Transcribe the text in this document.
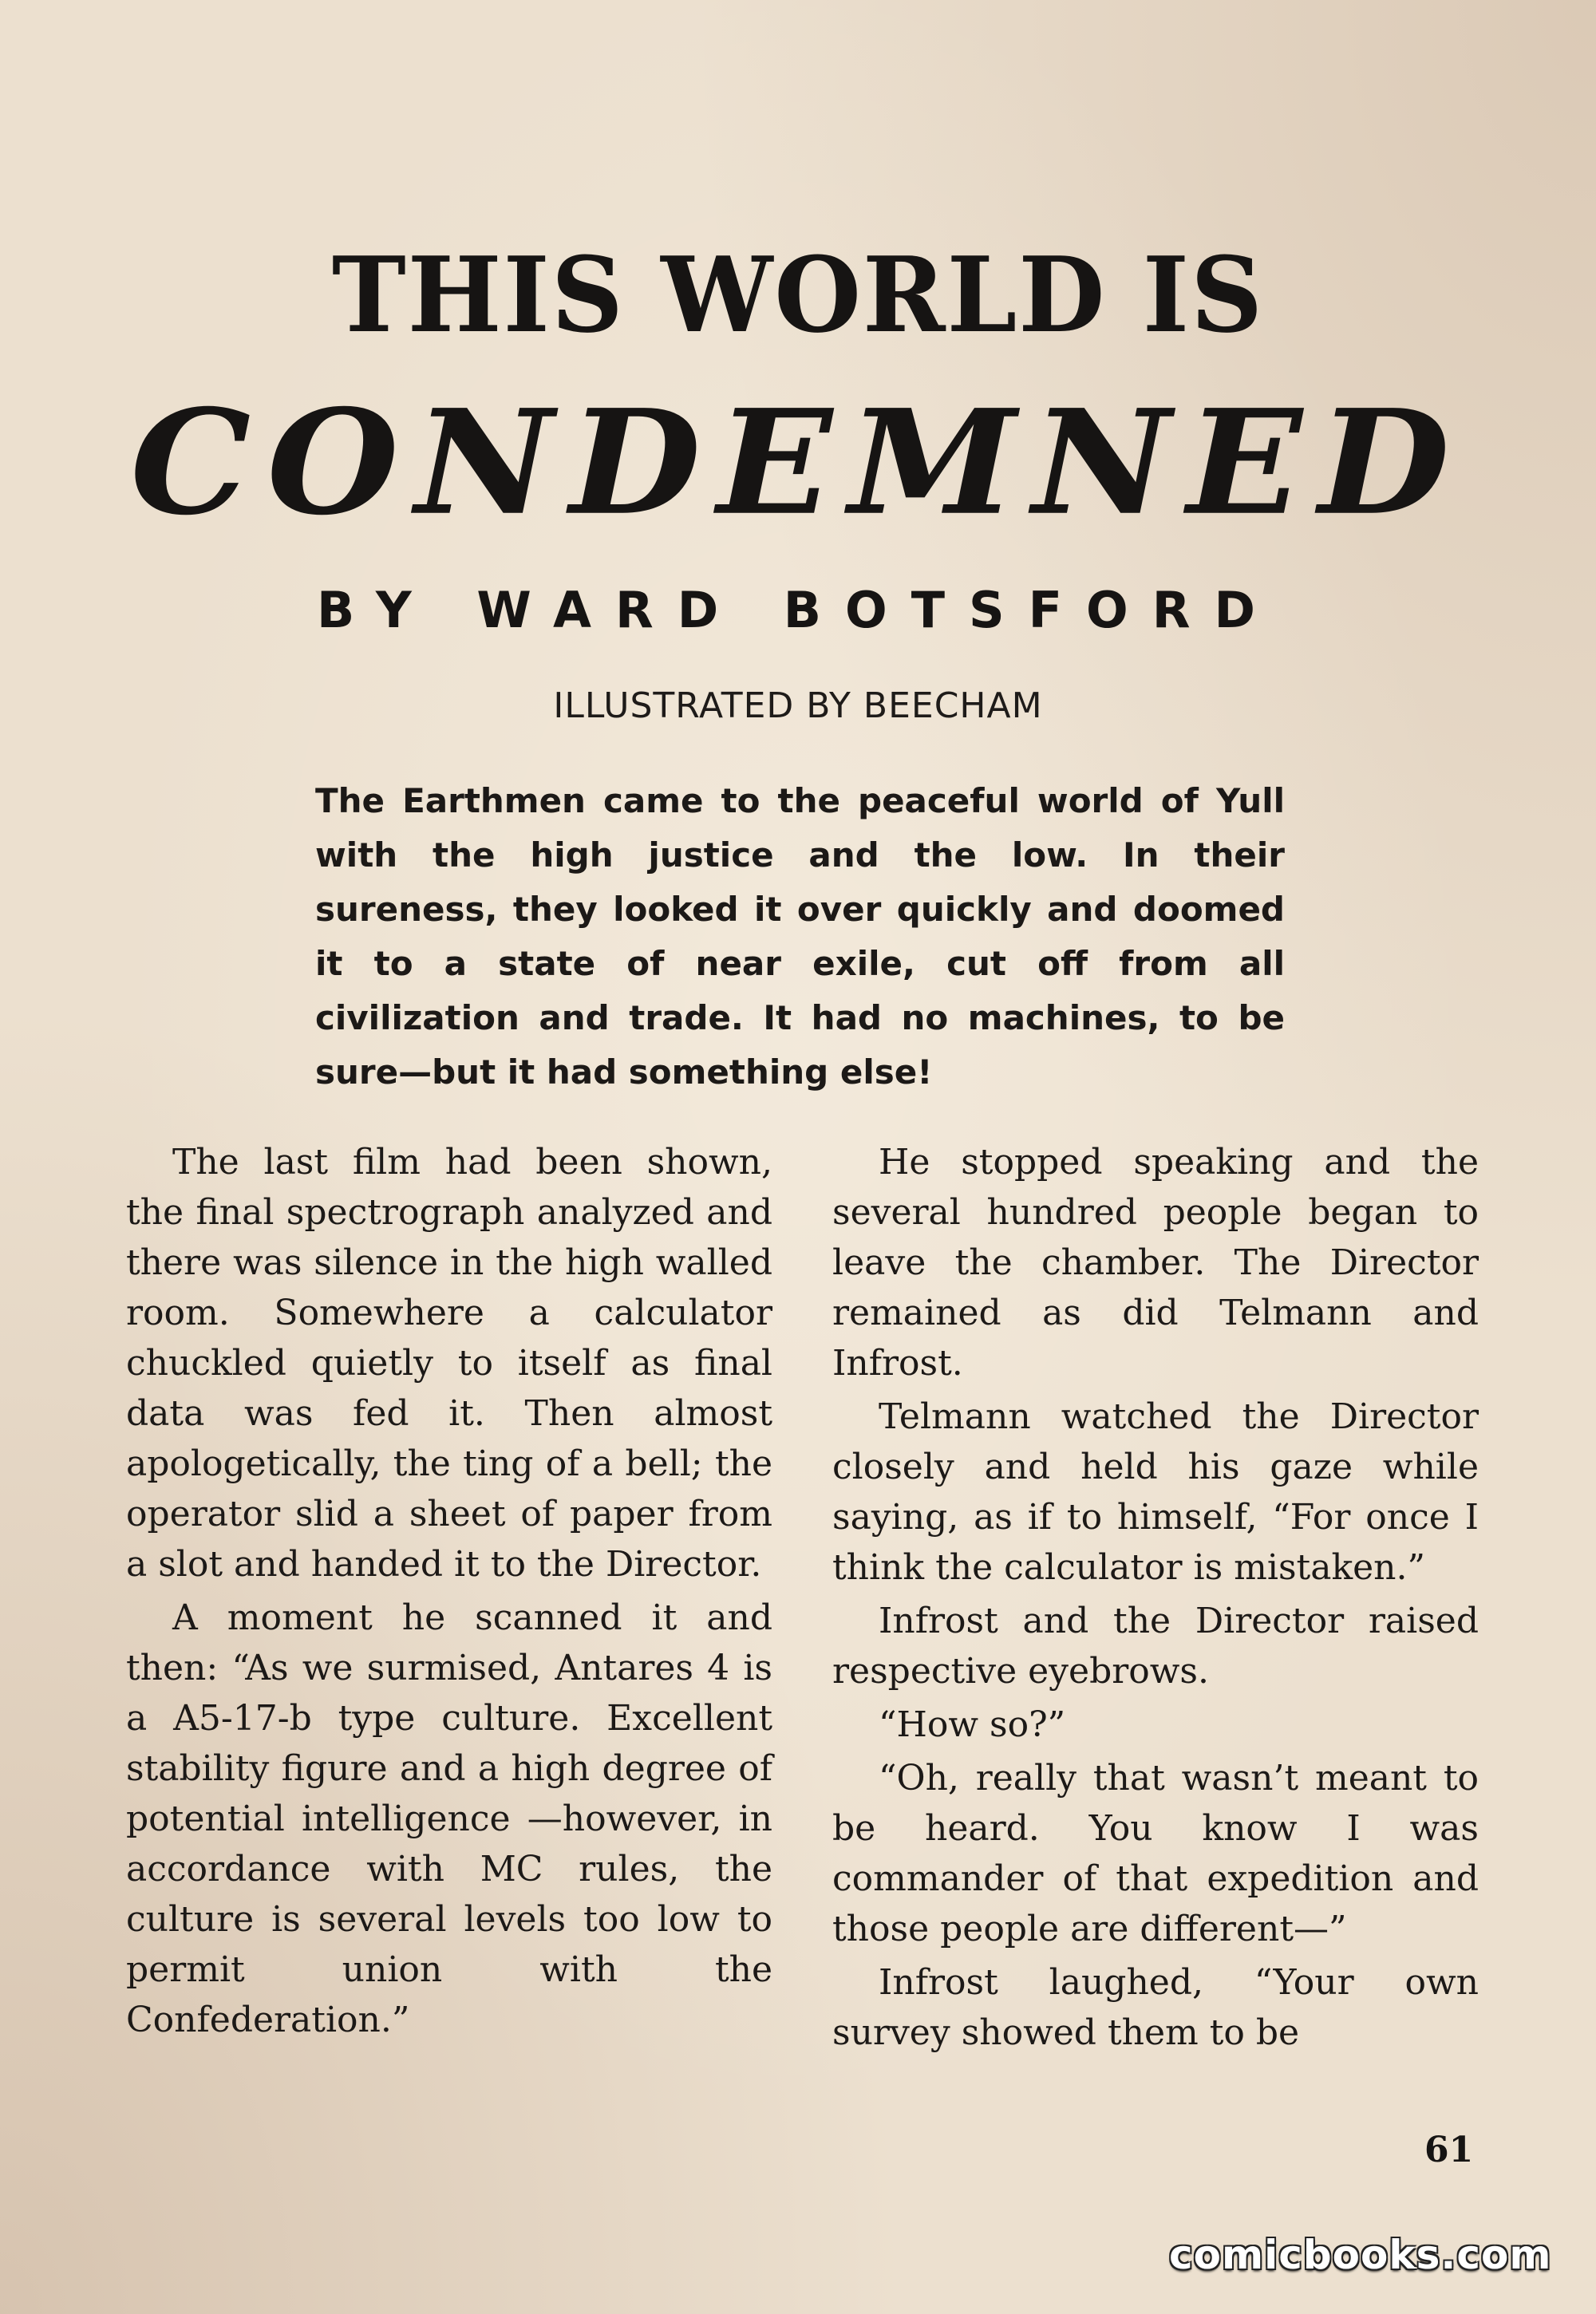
THIS WORLD IS
CONDEMNED
BY WARD BOTSFORD
ILLUSTRATED BY BEECHAM
The Earthmen came to the peaceful world of Yull with the high justice and the low. In their sureness, they looked it over quickly and doomed it to a state of near exile, cut off from all civilization and trade. It had no machines, to be sure—but it had something else!

The last film had been shown, the final spectrograph analyzed and there was silence in the high walled room. Somewhere a calculator chuckled quietly to itself as final data was fed it. Then almost apologetically, the ting of a bell; the operator slid a sheet of paper from a slot and handed it to the Director.

A moment he scanned it and then: “As we surmised, Antares 4 is a A5-17-b type culture. Excellent stability figure and a high degree of potential intelligence —however, in accordance with MC rules, the culture is several levels too low to permit union with the Confederation.”

He stopped speaking and the several hundred people began to leave the chamber. The Director remained as did Telmann and Infrost.

Telmann watched the Director closely and held his gaze while saying, as if to himself, “For once I think the calculator is mistaken.”

Infrost and the Director raised respective eyebrows.

“How so?”

“Oh, really that wasn’t meant to be heard. You know I was commander of that expedition and those people are different—”

Infrost laughed, “Your own survey showed them to be

61
comicbooks.com
